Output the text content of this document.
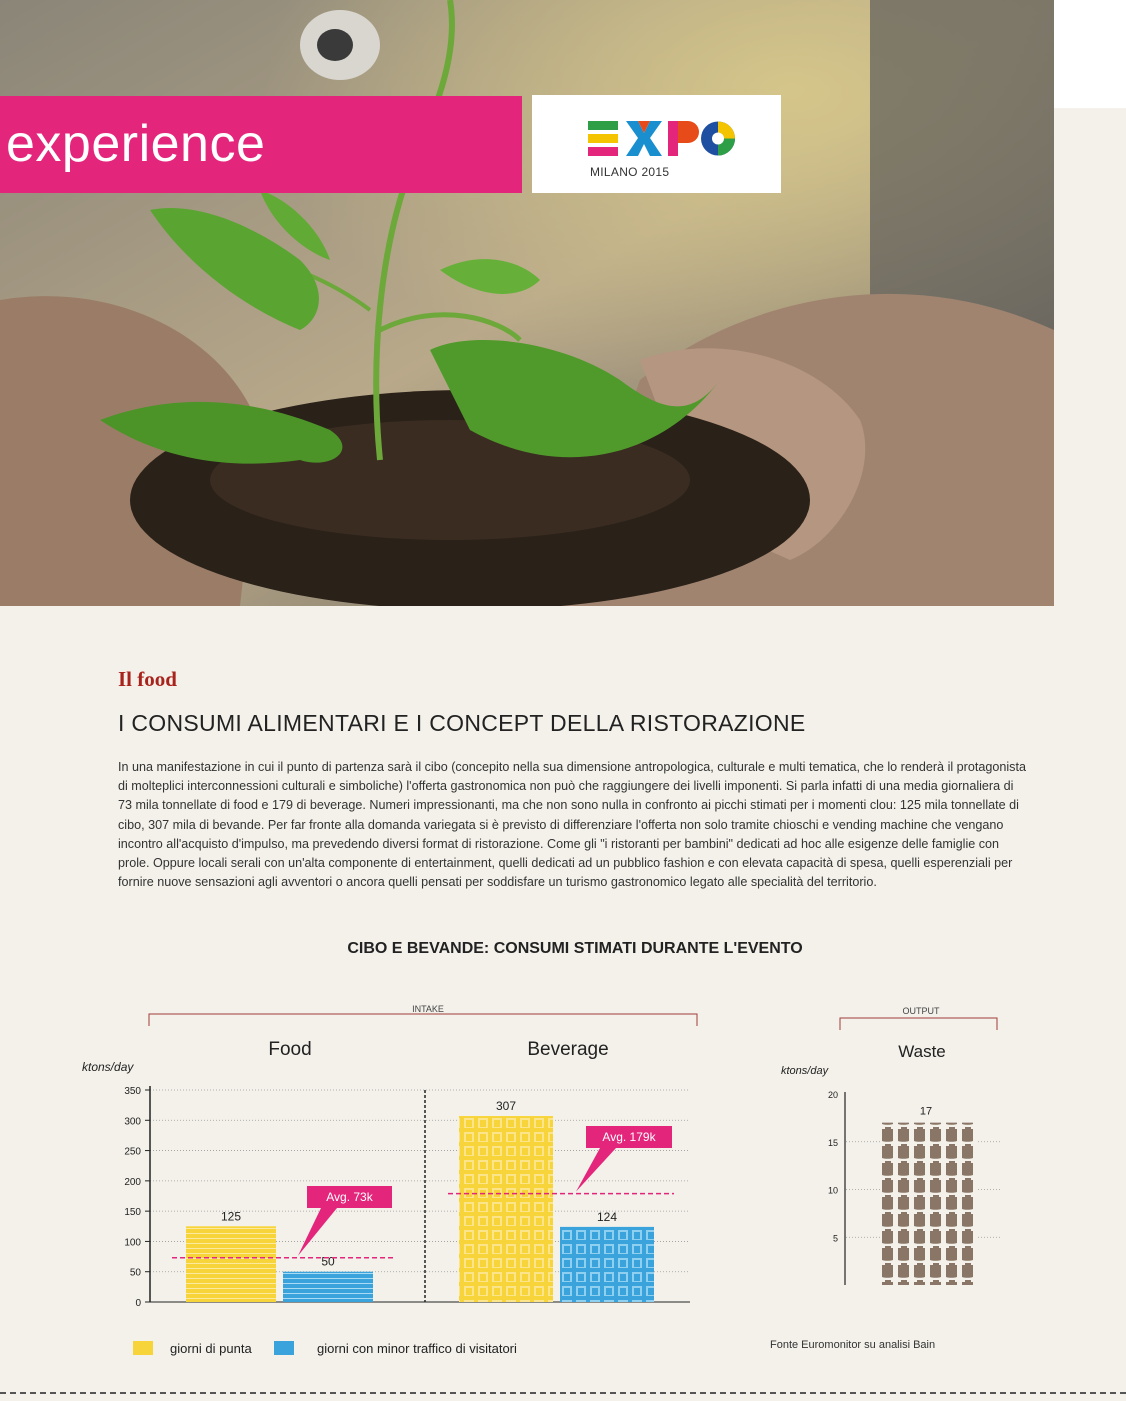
experience	MILANO 2015
Il food
I CONSUMI ALIMENTARI E I CONCEPT DELLA RISTORAZIONE
In una manifestazione in cui il punto di partenza sarà il cibo (concepito nella sua dimensione antropologica, culturale e multi tematica, che lo renderà il protagonista di molteplici interconnessioni culturali e simboliche) l'offerta gastronomica non può che raggiungere dei livelli imponenti. Si parla infatti di una media giornaliera di 73 mila tonnellate di food e 179 di beverage. Numeri impressionanti, ma che non sono nulla in confronto ai picchi stimati per i momenti clou: 125 mila tonnellate di cibo, 307 mila di bevande. Per far fronte alla domanda variegata si è previsto di differenziare l'offerta non solo tramite chioschi e vending machine che vengano incontro all'acquisto d'impulso, ma prevedendo diversi format di ristorazione. Come gli "i ristoranti per bambini" dedicati ad hoc alle esigenze delle famiglie con prole. Oppure locali serali con un'alta componente di entertainment, quelli dedicati ad un pubblico fashion e con elevata capacità di spesa, quelli esperenziali per fornire nuove sensazioni agli avventori o ancora quelli pensati per soddisfare un turismo gastronomico legato alle specialità del territorio.
CIBO E BEVANDE: CONSUMI STIMATI DURANTE L'EVENTO
INTAKE	OUTPUT
Food	Beverage	Waste
ktons/day	ktons/day
0
50
100
150
200
250
300
350
125
50
Avg. 73k
307
124
Avg. 179k
5
10
15
20
17
giorni di punta	giorni con minor traffico di visitatori	Fonte Euromonitor su analisi Bain
